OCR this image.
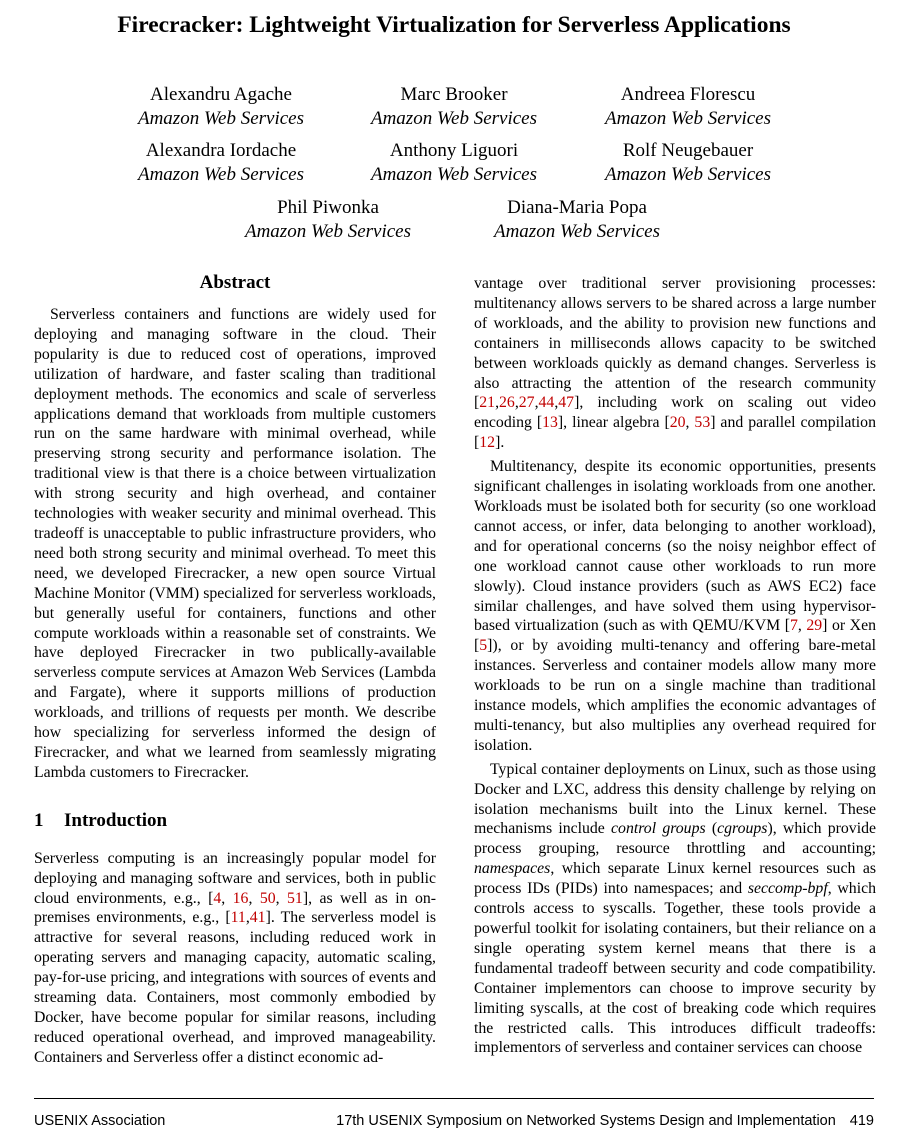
Firecracker: Lightweight Virtualization for Serverless Applications
Alexandru Agache
Amazon Web Services
Marc Brooker
Amazon Web Services
Andreea Florescu
Amazon Web Services
Alexandra Iordache
Amazon Web Services
Anthony Liguori
Amazon Web Services
Rolf Neugebauer
Amazon Web Services
Phil Piwonka
Amazon Web Services
Diana-Maria Popa
Amazon Web Services
Abstract

Serverless containers and functions are widely used for deploying and managing software in the cloud. Their popularity is due to reduced cost of operations, improved utilization of hardware, and faster scaling than traditional deployment methods. The economics and scale of serverless applications demand that workloads from multiple customers run on the same hardware with minimal overhead, while preserving strong security and performance isolation. The traditional view is that there is a choice between virtualization with strong security and high overhead, and container technologies with weaker security and minimal overhead. This tradeoff is unacceptable to public infrastructure providers, who need both strong security and minimal overhead. To meet this need, we developed Firecracker, a new open source Virtual Machine Monitor (VMM) specialized for serverless workloads, but generally useful for containers, functions and other compute workloads within a reasonable set of constraints. We have deployed Firecracker in two publically-available serverless compute services at Amazon Web Services (Lambda and Fargate), where it supports millions of production workloads, and trillions of requests per month. We describe how specializing for serverless informed the design of Firecracker, and what we learned from seamlessly migrating Lambda customers to Firecracker.

1 Introduction

Serverless computing is an increasingly popular model for deploying and managing software and services, both in public cloud environments, e.g., [4, 16, 50, 51], as well as in on-premises environments, e.g., [11,41]. The serverless model is attractive for several reasons, including reduced work in operating servers and managing capacity, automatic scaling, pay-for-use pricing, and integrations with sources of events and streaming data. Containers, most commonly embodied by Docker, have become popular for similar reasons, including reduced operational overhead, and improved manageability. Containers and Serverless offer a distinct economic ad-

vantage over traditional server provisioning processes: multitenancy allows servers to be shared across a large number of workloads, and the ability to provision new functions and containers in milliseconds allows capacity to be switched between workloads quickly as demand changes. Serverless is also attracting the attention of the research community [21,26,27,44,47], including work on scaling out video encoding [13], linear algebra [20, 53] and parallel compilation [12].

Multitenancy, despite its economic opportunities, presents significant challenges in isolating workloads from one another. Workloads must be isolated both for security (so one workload cannot access, or infer, data belonging to another workload), and for operational concerns (so the noisy neighbor effect of one workload cannot cause other workloads to run more slowly). Cloud instance providers (such as AWS EC2) face similar challenges, and have solved them using hypervisor-based virtualization (such as with QEMU/KVM [7, 29] or Xen [5]), or by avoiding multi-tenancy and offering bare-metal instances. Serverless and container models allow many more workloads to be run on a single machine than traditional instance models, which amplifies the economic advantages of multi-tenancy, but also multiplies any overhead required for isolation.

Typical container deployments on Linux, such as those using Docker and LXC, address this density challenge by relying on isolation mechanisms built into the Linux kernel. These mechanisms include control groups (cgroups), which provide process grouping, resource throttling and accounting; namespaces, which separate Linux kernel resources such as process IDs (PIDs) into namespaces; and seccomp-bpf, which controls access to syscalls. Together, these tools provide a powerful toolkit for isolating containers, but their reliance on a single operating system kernel means that there is a fundamental tradeoff between security and code compatibility. Container implementors can choose to improve security by limiting syscalls, at the cost of breaking code which requires the restricted calls. This introduces difficult tradeoffs: implementors of serverless and container services can choose

USENIX Association	17th USENIX Symposium on Networked Systems Design and Implementation 419
